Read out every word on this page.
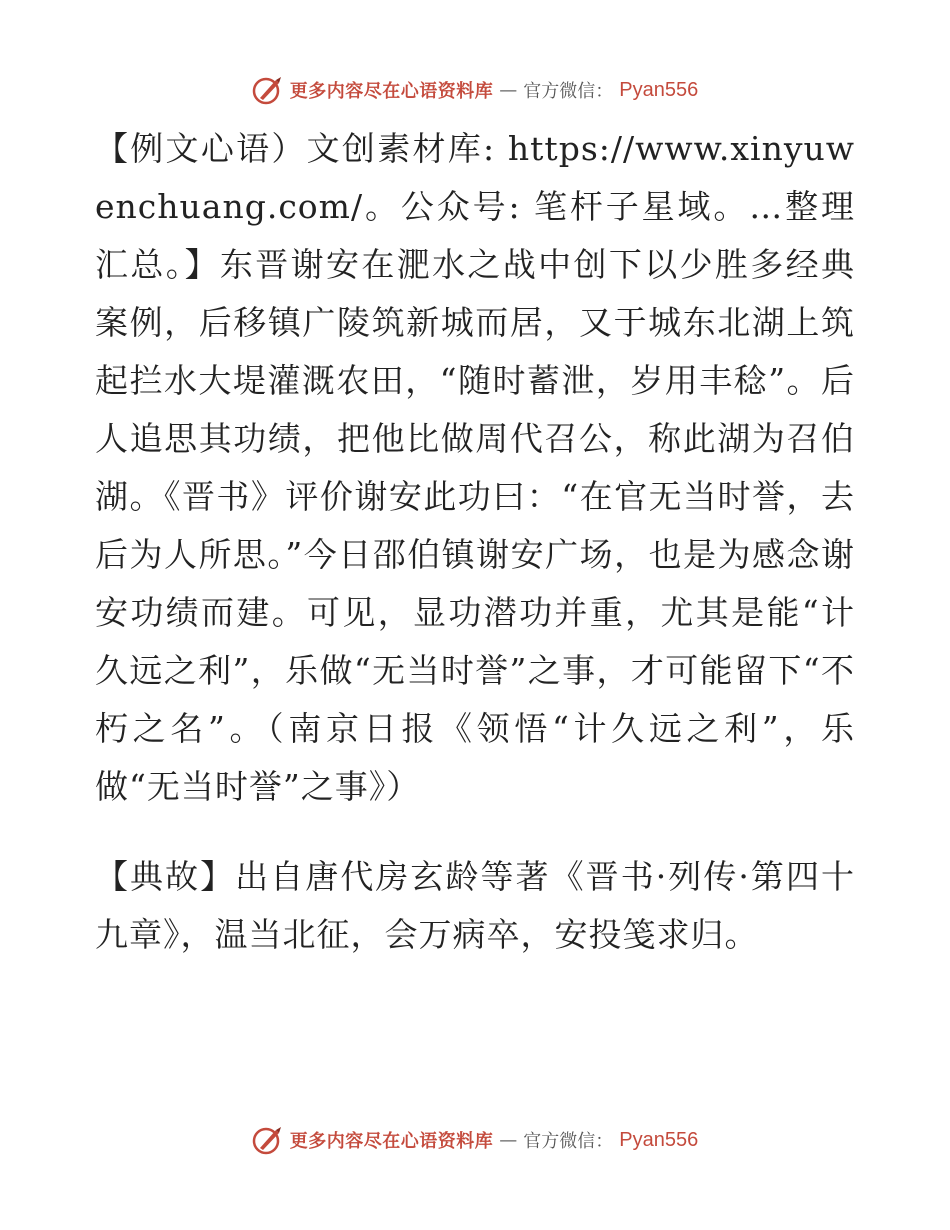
更多内容尽在心语资料库 — 官方微信： Pyan556

【例文心语）文创素材库: https://www.xinyuwenchuang.com/。公众号: 笔杆子星域。…整理汇总。】东晋谢安在淝水之战中创下以少胜多经典案例，后移镇广陵筑新城而居，又于城东北湖上筑起拦水大堤灌溉农田，“随时蓄泄，岁用丰稔”。后人追思其功绩，把他比做周代召公，称此湖为召伯湖。《晋书》评价谢安此功曰：“在官无当时誉，去后为人所思。”今日邵伯镇谢安广场，也是为感念谢安功绩而建。可见，显功潜功并重，尤其是能“计久远之利”，乐做“无当时誉”之事，才可能留下“不朽之名”。（南京日报《领悟“计久远之利”，乐做“无当时誉”之事》）

【典故】出自唐代房玄龄等著《晋书·列传·第四十九章》，温当北征，会万病卒，安投笺求归。

更多内容尽在心语资料库 — 官方微信： Pyan556
